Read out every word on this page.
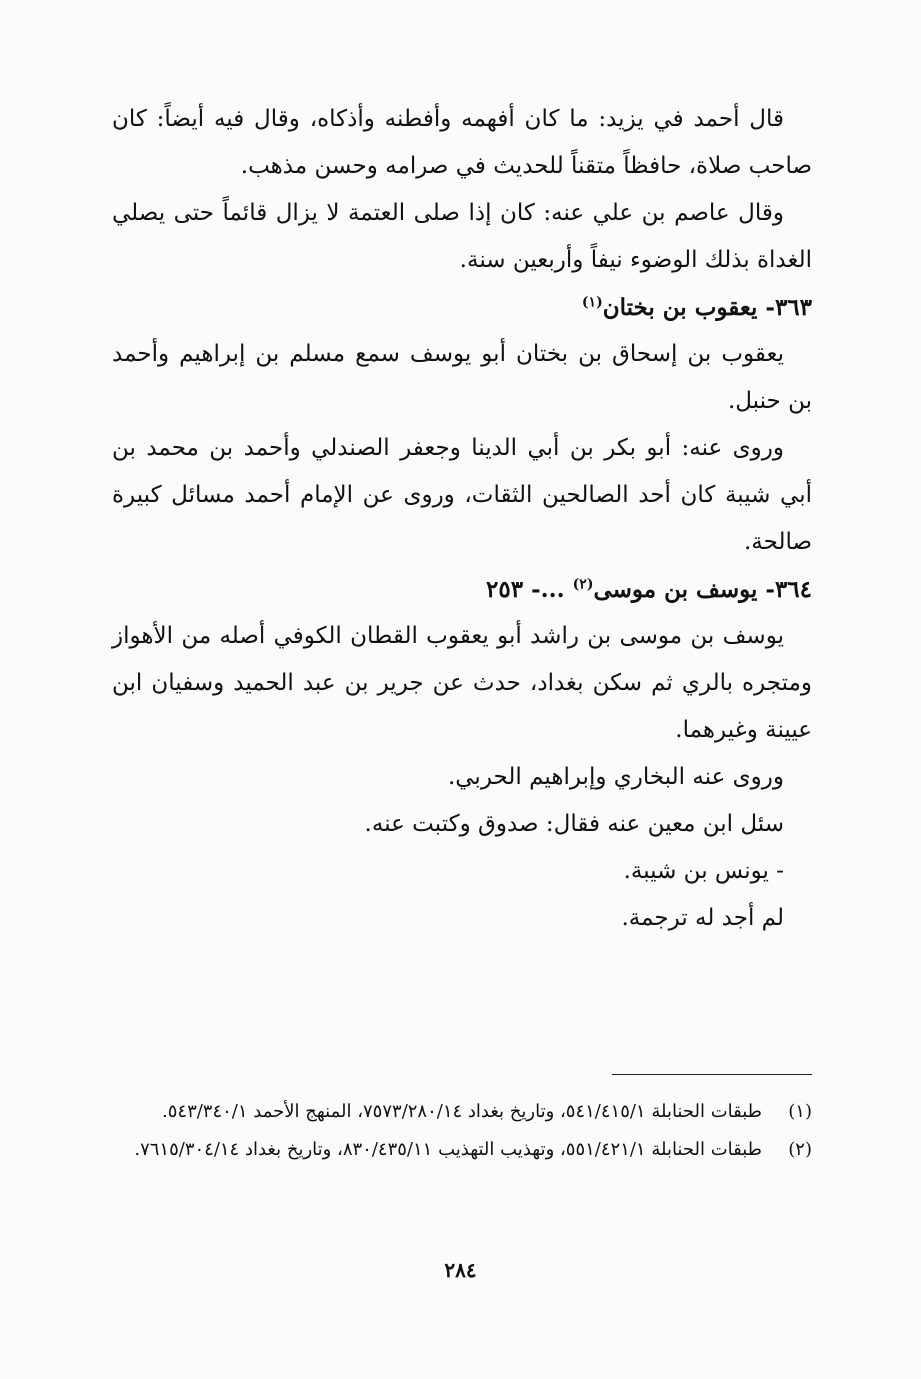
قال أحمد في يزيد: ما كان أفهمه وأفطنه وأذكاه، وقال فيه أيضاً: كان صاحب صلاة، حافظاً متقناً للحديث في صرامه وحسن مذهب.

وقال عاصم بن علي عنه: كان إذا صلى العتمة لا يزال قائماً حتى يصلي الغداة بذلك الوضوء نيفاً وأربعين سنة.

٣٦٣- يعقوب بن بختان$^{(١)}$

يعقوب بن إسحاق بن بختان أبو يوسف سمع مسلم بن إبراهيم وأحمد بن حنبل.

وروى عنه: أبو بكر بن أبي الدينا وجعفر الصندلي وأحمد بن محمد بن أبي شيبة كان أحد الصالحين الثقات، وروى عن الإمام أحمد مسائل كبيرة صالحة.

٣٦٤- يوسف بن موسى$^{(٢)}$ ...- ٢٥٣

يوسف بن موسى بن راشد أبو يعقوب القطان الكوفي أصله من الأهواز ومتجره بالري ثم سكن بغداد، حدث عن جرير بن عبد الحميد وسفيان ابن عيينة وغيرهما.

وروى عنه البخاري وإبراهيم الحربي.

سئل ابن معين عنه فقال: صدوق وكتبت عنه.

- يونس بن شيبة.

لم أجد له ترجمة.

(١)
طبقات الحنابلة ٥٤١/٤١٥/١، وتاريخ بغداد ٧٥٧٣/٢٨٠/١٤، المنهج الأحمد ٥٤٣/٣٤٠/١.
(٢)
طبقات الحنابلة ٥٥١/٤٢١/١، وتهذيب التهذيب ٨٣٠/٤٣٥/١١، وتاريخ بغداد ٧٦١٥/٣٠٤/١٤.
٢٨٤
